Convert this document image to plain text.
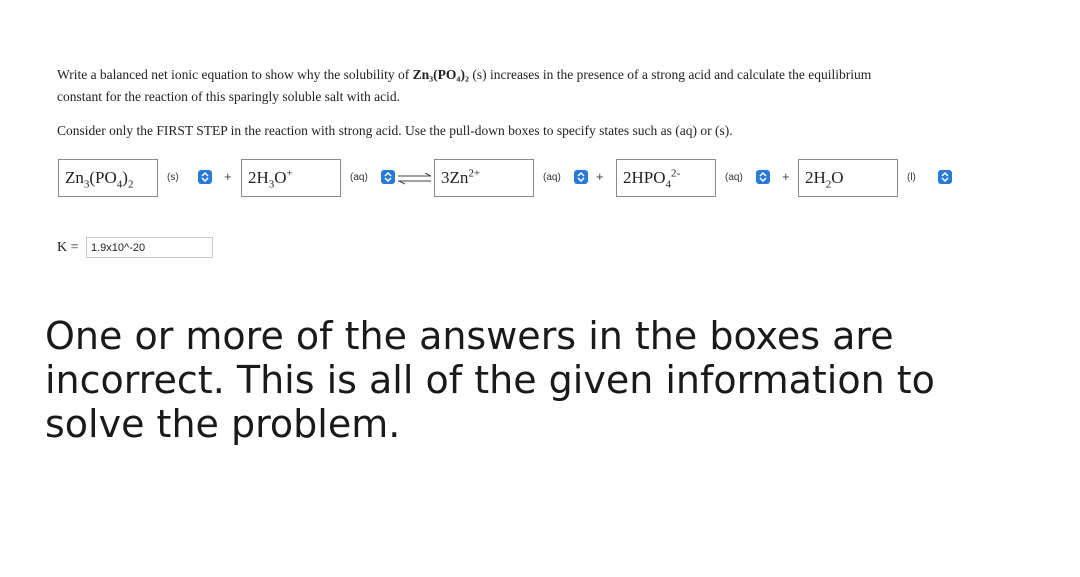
Write a balanced net ionic equation to show why the solubility of Zn₃(PO₄)₂ (s) increases in the presence of a strong acid and calculate the equilibrium
constant for the reaction of this sparingly soluble salt with acid.
Consider only the FIRST STEP in the reaction with strong acid. Use the pull-down boxes to specify states such as (aq) or (s).
$Zn_3(PO_4)_2$
(s)	+ $2H_3O^+$	(aq) ⇌ $3Zn^{2+}$	(aq)	+	$2HPO_4^{2-}$	(aq)	+ $2H_2O$	(l)
K =	1.9x10^-20
One or more of the answers in the boxes are incorrect. This is all of the given information to solve the problem.
